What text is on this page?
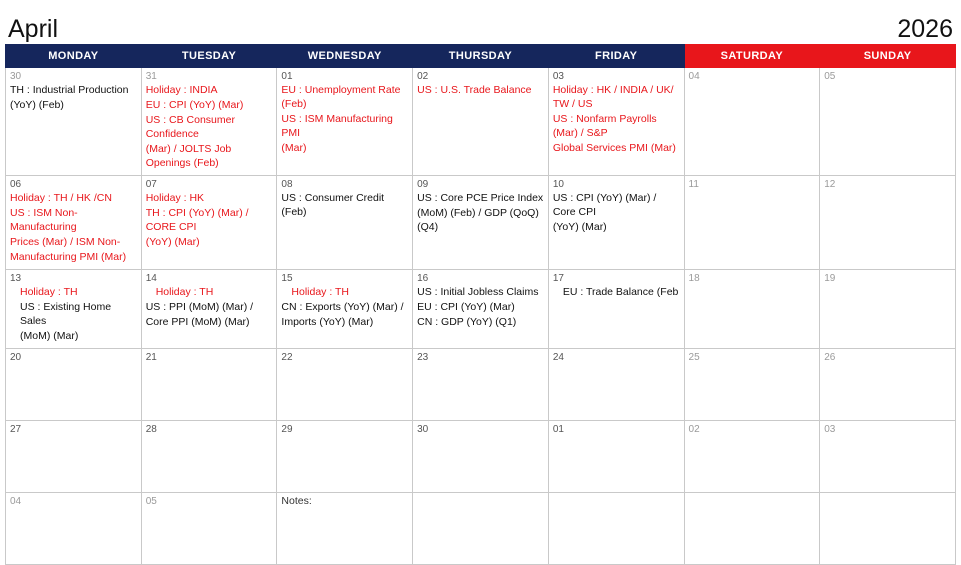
April	2026
MONDAY	TUESDAY	WEDNESDAY	THURSDAY	FRIDAY	SATURDAY	SUNDAY

30
TH : Industrial Production
(YoY) (Feb)	31
Holiday : INDIA
EU : CPI (YoY) (Mar)
US : CB Consumer Confidence
(Mar) / JOLTS Job Openings (Feb)	01
EU : Unemployment Rate (Feb)
US : ISM Manufacturing PMI
(Mar)	02
US : U.S. Trade Balance	03
Holiday : HK / INDIA / UK/ TW / US
US : Nonfarm Payrolls (Mar) / S&P
Global Services PMI (Mar)	04	05

06
Holiday : TH / HK /CN
US : ISM Non-Manufacturing
Prices (Mar) / ISM Non-
Manufacturing PMI (Mar)	07
Holiday : HK
TH : CPI (YoY) (Mar) / CORE CPI
(YoY) (Mar)	08
US : Consumer Credit (Feb)	09
US : Core PCE Price Index
(MoM) (Feb) / GDP (QoQ) (Q4)	10
US : CPI (YoY) (Mar) / Core CPI
(YoY) (Mar)	11	12

13
Holiday : TH
US : Existing Home Sales
(MoM) (Mar)	14
Holiday : TH
US : PPI (MoM) (Mar) /
Core PPI (MoM) (Mar)	15
Holiday : TH
CN : Exports (YoY) (Mar) /
Imports (YoY) (Mar)	16
US : Initial Jobless Claims
EU : CPI (YoY) (Mar)
CN : GDP (YoY) (Q1)	17
EU : Trade Balance (Feb	18	19

20	21	22	23	24	25	26

27	28	29	30	01	02	03

04	05	Notes:				
